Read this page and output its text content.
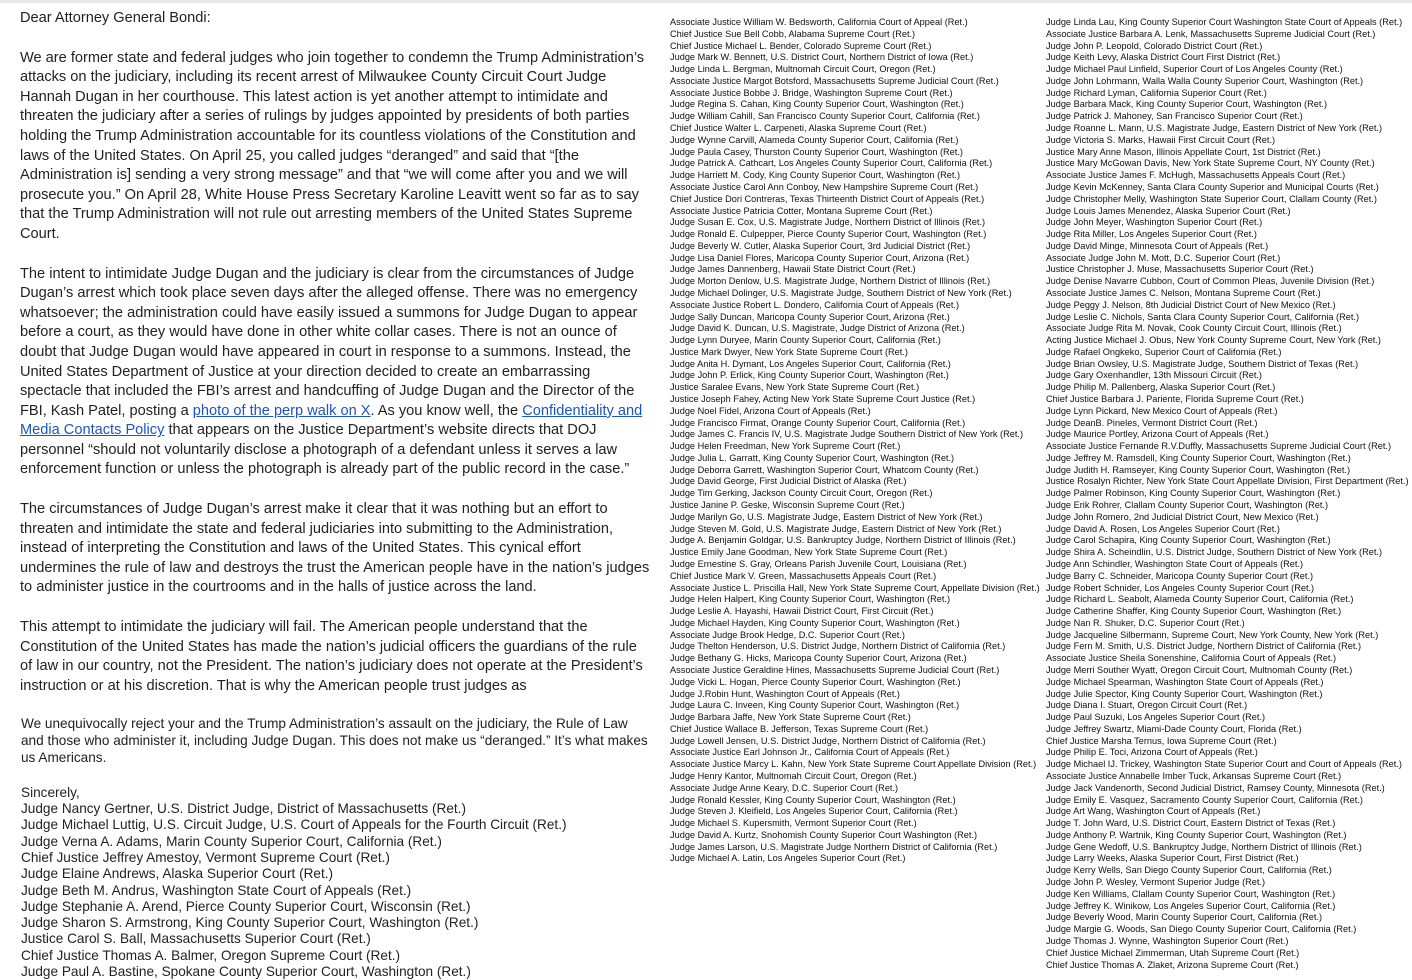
Dear Attorney General Bondi:

We are former state and federal judges who join together to condemn the Trump Administration’s attacks on the judiciary, including its recent arrest of Milwaukee County Circuit Court Judge Hannah Dugan in her courthouse. This latest action is yet another attempt to intimidate and threaten the judiciary after a series of rulings by judges appointed by presidents of both parties holding the Trump Administration accountable for its countless violations of the Constitution and laws of the United States. On April 25, you called judges “deranged” and said that “[the Administration is] sending a very strong message” and that “we will come after you and we will prosecute you.” On April 28, White House Press Secretary Karoline Leavitt went so far as to say that the Trump Administration will not rule out arresting members of the United States Supreme Court.

The intent to intimidate Judge Dugan and the judiciary is clear from the circumstances of Judge Dugan’s arrest which took place seven days after the alleged offense. There was no emergency whatsoever; the administration could have easily issued a summons for Judge Dugan to appear before a court, as they would have done in other white collar cases. There is not an ounce of doubt that Judge Dugan would have appeared in court in response to a summons. Instead, the United States Department of Justice at your direction decided to create an embarrassing spectacle that included the FBI’s arrest and handcuffing of Judge Dugan and the Director of the FBI, Kash Patel, posting a photo of the perp walk on X. As you know well, the Confidentiality and Media Contacts Policy that appears on the Justice Department’s website directs that DOJ personnel “should not voluntarily disclose a photograph of a defendant unless it serves a law enforcement function or unless the photograph is already part of the public record in the case.”

The circumstances of Judge Dugan’s arrest make it clear that it was nothing but an effort to threaten and intimidate the state and federal judiciaries into submitting to the Administration, instead of interpreting the Constitution and laws of the United States. This cynical effort undermines the rule of law and destroys the trust the American people have in the nation’s judges to administer justice in the courtrooms and in the halls of justice across the land.

This attempt to intimidate the judiciary will fail. The American people understand that the Constitution of the United States has made the nation’s judicial officers the guardians of the rule of law in our country, not the President. The nation’s judiciary does not operate at the President’s instruction or at his discretion. That is why the American people trust judges as

We unequivocally reject your and the Trump Administration’s assault on the judiciary, the Rule of Law and those who administer it, including Judge Dugan. This does not make us “deranged.” It’s what makes us Americans.

Sincerely,

Judge Nancy Gertner, U.S. District Judge, District of Massachusetts (Ret.)
Judge Michael Luttig, U.S. Circuit Judge, U.S. Court of Appeals for the Fourth Circuit (Ret.)
Judge Verna A. Adams, Marin County Superior Court, California (Ret.)
Chief Justice Jeffrey Amestoy, Vermont Supreme Court (Ret.)
Judge Elaine Andrews, Alaska Superior Court (Ret.)
Judge Beth M. Andrus, Washington State Court of Appeals (Ret.)
Judge Stephanie A. Arend, Pierce County Superior Court, Wisconsin (Ret.)
Judge Sharon S. Armstrong, King County Superior Court, Washington (Ret.)
Justice Carol S. Ball, Massachusetts Superior Court (Ret.)
Chief Justice Thomas A. Balmer, Oregon Supreme Court (Ret.)
Judge Paul A. Bastine, Spokane County Superior Court, Washington (Ret.)
Associate Justice William W. Bedsworth, California Court of Appeal (Ret.)
Chief Justice Sue Bell Cobb, Alabama Supreme Court (Ret.)
Chief Justice Michael L. Bender, Colorado Supreme Court (Ret.)
Judge Mark W. Bennett, U.S. District Court, Northern District of Iowa (Ret.)
Judge Linda L. Bergman, Multnomah Circuit Court, Oregon (Ret.)
Associate Justice Margot Botsford, Massachusetts Supreme Judicial Court (Ret.)
Associate Justice Bobbe J. Bridge, Washington Supreme Court (Ret.)
Judge Regina S. Cahan, King County Superior Court, Washington (Ret.)
Judge William Cahill, San Francisco County Superior Court, California (Ret.)
Chief Justice Walter L. Carpeneti, Alaska Supreme Court (Ret.)
Judge Wynne Carvill, Alameda County Superior Court, California (Ret.)
Judge Paula Casey, Thurston County Superior Court, Washington (Ret.)
Judge Patrick A. Cathcart, Los Angeles County Superior Court, California (Ret.)
Judge Harriett M. Cody, King County Superior Court, Washington (Ret.)
Associate Justice Carol Ann Conboy, New Hampshire Supreme Court (Ret.)
Chief Justice Dori Contreras, Texas Thirteenth District Court of Appeals (Ret.)
Associate Justice Patricia Cotter, Montana Supreme Court (Ret.)
Judge Susan E. Cox, U.S. Magistrate Judge, Northern District of Illinois (Ret.)
Judge Ronald E. Culpepper, Pierce County Superior Court, Washington (Ret.)
Judge Beverly W. Cutler, Alaska Superior Court, 3rd Judicial District (Ret.)
Judge Lisa Daniel Flores, Maricopa County Superior Court, Arizona (Ret.)
Judge James Dannenberg, Hawaii State District Court (Ret.)
Judge Morton Denlow, U.S. Magistrate Judge, Northern District of Illinois (Ret.)
Judge Michael Dolinger, U.S. Magistrate Judge, Southern District of New York (Ret.)
Associate Justice Robert L. Dondero, California Court of Appeals (Ret.)
Judge Sally Duncan, Maricopa County Superior Court, Arizona (Ret.)
Judge David K. Duncan, U.S. Magistrate, Judge District of Arizona (Ret.)
Judge Lynn Duryee, Marin County Superior Court, California (Ret.)
Justice Mark Dwyer, New York State Supreme Court (Ret.)
Judge Anita H. Dymant, Los Angeles Superior Court, California (Ret.)
Judge John P. Erlick, King County Superior Court, Washington (Ret.)
Justice Saralee Evans, New York State Supreme Court (Ret.)
Justice Joseph Fahey, Acting New York State Supreme Court Justice (Ret.)
Judge Noel Fidel, Arizona Court of Appeals (Ret.)
Judge Francisco Firmat, Orange County Superior Court, California (Ret.)
Judge James C. Francis IV, U.S. Magistrate Judge Southern District of New York (Ret.)
Judge Helen Freedman, New York Supreme Court (Ret.)
Judge Julia L. Garratt, King County Superior Court, Washington (Ret.)
Judge Deborra Garrett, Washington Superior Court, Whatcom County (Ret.)
Judge David George, First Judicial District of Alaska (Ret.)
Judge Tim Gerking, Jackson County Circuit Court, Oregon (Ret.)
Justice Janine P. Geske, Wisconsin Supreme Court (Ret.)
Judge Marilyn Go, U.S. Magistrate Judge, Eastern District of New York (Ret.)
Judge Steven M. Gold, U.S. Magistrate Judge, Eastern District of New York (Ret.)
Judge A. Benjamin Goldgar, U.S. Bankruptcy Judge, Northern District of Illinois (Ret.)
Justice Emily Jane Goodman, New York State Supreme Court (Ret.)
Judge Ernestine S. Gray, Orleans Parish Juvenile Court, Louisiana (Ret.)
Chief Justice Mark V. Green, Massachusetts Appeals Court (Ret.)
Associate Justice L. Priscilla Hall, New York State Supreme Court, Appellate Division (Ret.)
Judge Helen Halpert, King County Superior Court, Washington (Ret.)
Judge Leslie A. Hayashi, Hawaii District Court, First Circuit (Ret.)
Judge Michael Hayden, King County Superior Court, Washington (Ret.)
Associate Judge Brook Hedge, D.C. Superior Court (Ret.)
Judge Thelton Henderson, U.S. District Judge, Northern District of California (Ret.)
Judge Bethany G. Hicks, Maricopa County Superior Court, Arizona (Ret.)
Associate Justice Geraldine Hines, Massachusetts Supreme Judicial Court (Ret.)
Judge Vicki L. Hogan, Pierce County Superior Court, Washington (Ret.)
Judge J.Robin Hunt, Washington Court of Appeals (Ret.)
Judge Laura C. Inveen, King County Superior Court, Washington (Ret.)
Judge Barbara Jaffe, New York State Supreme Court (Ret.)
Chief Justice Wallace B. Jefferson, Texas Supreme Court (Ret.)
Judge Lowell Jensen, U.S. District Judge, Northern District of California (Ret.)
Associate Justice Earl Johnson Jr., California Court of Appeals (Ret.)
Associate Justice Marcy L. Kahn, New York State Supreme Court Appellate Division (Ret.)
Judge Henry Kantor, Multnomah Circuit Court, Oregon (Ret.)
Associate Judge Anne Keary, D.C. Superior Court (Ret.)
Judge Ronald Kessler, King County Superior Court, Washington (Ret.)
Judge Steven J. Kleifield, Los Angeles Superior Court, California (Ret.)
Judge Michael S. Kupersmith, Vermont Superior Court (Ret.)
Judge David A. Kurtz, Snohomish County Superior Court Washington (Ret.)
Judge James Larson, U.S. Magistrate Judge Northern District of California (Ret.)
Judge Michael A. Latin, Los Angeles Superior Court (Ret.)
Judge Linda Lau, King County Superior Court Washington State Court of Appeals (Ret.)
Associate Justice Barbara A. Lenk, Massachusetts Supreme Judicial Court (Ret.)
Judge John P. Leopold, Colorado District Court (Ret.)
Judge Keith Levy, Alaska District Court First District (Ret.)
Judge Michael Paul Linfield, Superior Court of Los Angeles County (Ret.)
Judge John Lohrmann, Walla Walla County Superior Court, Washington (Ret.)
Judge Richard Lyman, California Superior Court (Ret.)
Judge Barbara Mack, King County Superior Court, Washington (Ret.)
Judge Patrick J. Mahoney, San Francisco Superior Court (Ret.)
Judge Roanne L. Mann, U.S. Magistrate Judge, Eastern District of New York (Ret.)
Judge Victoria S. Marks, Hawaii First Circuit Court (Ret.)
Justice Mary Anne Mason, Illinois Appellate Court, 1st District (Ret.)
Justice Mary McGowan Davis, New York State Supreme Court, NY County (Ret.)
Associate Justice James F. McHugh, Massachusetts Appeals Court (Ret.)
Judge Kevin McKenney, Santa Clara County Superior and Municipal Courts (Ret.)
Judge Christopher Melly, Washington State Superior Court, Clallam County (Ret.)
Judge Louis James Menendez, Alaska Superior Court (Ret.)
Judge John Meyer, Washington Superior Court (Ret.)
Judge Rita Miller, Los Angeles Superior Court (Ret.)
Judge David Minge, Minnesota Court of Appeals (Ret.)
Associate Judge John M. Mott, D.C. Superior Court (Ret.)
Justice Christopher J. Muse, Massachusetts Superior Court (Ret.)
Judge Denise Navarre Cubbon, Court of Common Pleas, Juvenile Division (Ret.)
Associate Justice James C. Nelson, Montana Supreme Court (Ret.)
Judge Peggy J. Nelson, 8th Judicial District Court of New Mexico (Ret.)
Judge Leslie C. Nichols, Santa Clara County Superior Court, California (Ret.)
Associate Judge Rita M. Novak, Cook County Circuit Court, Illinois (Ret.)
Acting Justice Michael J. Obus, New York County Supreme Court, New York (Ret.)
Judge Rafael Ongkeko, Superior Court of California (Ret.)
Judge Brian Owsley, U.S. Magistrate Judge, Southern District of Texas (Ret.)
Judge Gary Oxenhandler, 13th Missouri Circuit (Ret.)
Judge Philip M. Pallenberg, Alaska Superior Court (Ret.)
Chief Justice Barbara J. Pariente, Florida Supreme Court (Ret.)
Judge Lynn Pickard, New Mexico Court of Appeals (Ret.)
Judge DeanB. Pineles, Vermont District Court (Ret.)
Judge Maurice Portley, Arizona Court of Appeals (Ret.)
Associate Justice Fernande R.V.Duffly, Massachusetts Supreme Judicial Court (Ret.)
Judge Jeffrey M. Ramsdell, King County Superior Court, Washington (Ret.)
Judge Judith H. Ramseyer, King County Superior Court, Washington (Ret.)
Justice Rosalyn Richter, New York State Court Appellate Division, First Department (Ret.)
Judge Palmer Robinson, King County Superior Court, Washington (Ret.)
Judge Erik Rohrer, Clallam County Superior Court, Washington (Ret.)
Judge John Romero, 2nd Judicial District Court, New Mexico (Ret.)
Judge David A. Rosen, Los Angeles Superior Court (Ret.)
Judge Carol Schapira, King County Superior Court, Washington (Ret.)
Judge Shira A. Scheindlin, U.S. District Judge, Southern District of New York (Ret.)
Judge Ann Schindler, Washington State Court of Appeals (Ret.)
Judge Barry C. Schneider, Maricopa County Superior Court (Ret.)
Judge Robert Schnider, Los Angeles County Superior Court (Ret.)
Judge Richard L. Seabolt, Alameda County Superior Court, California (Ret.)
Judge Catherine Shaffer, King County Superior Court, Washington (Ret.)
Judge Nan R. Shuker, D.C. Superior Court (Ret.)
Judge Jacqueline Silbermann, Supreme Court, New York County, New York (Ret.)
Judge Fern M. Smith, U.S. District Judge, Northern District of California (Ret.)
Associate Justice Sheila Sonenshine, California Court of Appeals (Ret.)
Judge Merri Souther Wyatt, Oregon Circuit Court, Multnomah County (Ret.)
Judge Michael Spearman, Washington State Court of Appeals (Ret.)
Judge Julie Spector, King County Superior Court, Washington (Ret.)
Judge Diana I. Stuart, Oregon Circuit Court (Ret.)
Judge Paul Suzuki, Los Angeles Superior Court (Ret.)
Judge Jeffrey Swartz, Miami-Dade County Court, Florida (Ret.)
Chief Justice Marsha Ternus, Iowa Supreme Court (Ret.)
Judge Philip E. Toci, Arizona Court of Appeals (Ret.)
Judge Michael IJ. Trickey, Washington State Superior Court and Court of Appeals (Ret.)
Associate Justice Annabelle Imber Tuck, Arkansas Supreme Court (Ret.)
Judge Jack Vandenorth, Second Judicial District, Ramsey County, Minnesota (Ret.)
Judge Emily E. Vasquez, Sacramento County Superior Court, California (Ret.)
Judge Art Wang, Washington Court of Appeals (Ret.)
Judge T. John Ward, U.S. District Court, Eastern District of Texas (Ret.)
Judge Anthony P. Wartnik, King County Superior Court, Washington (Ret.)
Judge Gene Wedoff, U.S. Bankruptcy Judge, Northern District of Illinois (Ret.)
Judge Larry Weeks, Alaska Superior Court, First District (Ret.)
Judge Kerry Wells, San Diego County Superior Court, California (Ret.)
Judge John P. Wesley, Vermont Superior Judge (Ret.)
Judge Ken Williams, Clallam County Superior Court, Washington (Ret.)
Judge Jeffrey K. Winikow, Los Angeles Superior Court, California (Ret.)
Judge Beverly Wood, Marin County Superior Court, California (Ret.)
Judge Margie G. Woods, San Diego County Superior Court, California (Ret.)
Judge Thomas J. Wynne, Washington Superior Court (Ret.)
Chief Justice Michael Zimmerman, Utah Supreme Court (Ret.)
Chief Justice Thomas A. Zlaket, Arizona Supreme Court (Ret.)
